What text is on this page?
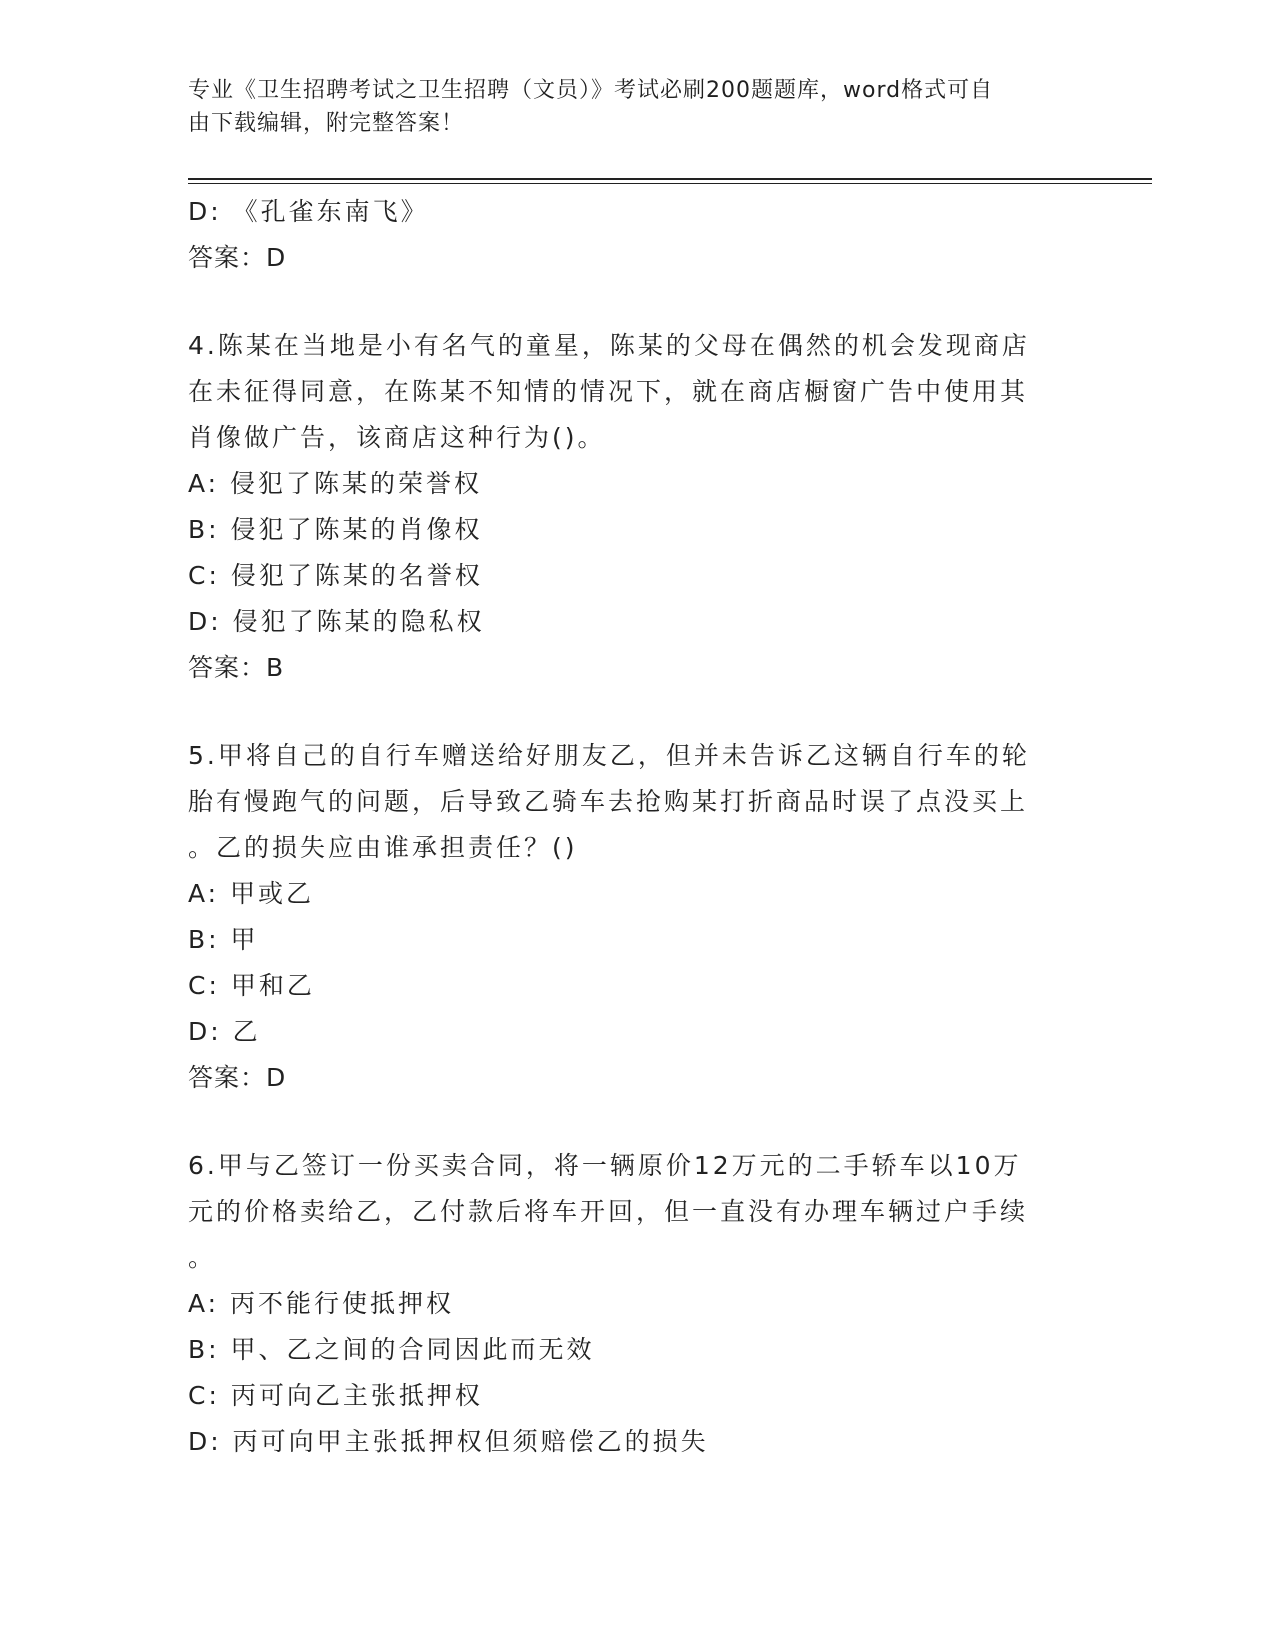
专业《卫生招聘考试之卫生招聘（文员）》考试必刷200题题库，word格式可自
由下载编辑，附完整答案！
D: 《孔雀东南飞》
答案：D
4.陈某在当地是小有名气的童星，陈某的父母在偶然的机会发现商店
在未征得同意，在陈某不知情的情况下，就在商店橱窗广告中使用其
肖像做广告，该商店这种行为()。
A: 侵犯了陈某的荣誉权
B: 侵犯了陈某的肖像权
C: 侵犯了陈某的名誉权
D: 侵犯了陈某的隐私权
答案：B
5.甲将自己的自行车赠送给好朋友乙，但并未告诉乙这辆自行车的轮
胎有慢跑气的问题，后导致乙骑车去抢购某打折商品时误了点没买上
。乙的损失应由谁承担责任？()
A: 甲或乙
B: 甲
C: 甲和乙
D: 乙
答案：D
6.甲与乙签订一份买卖合同，将一辆原价12万元的二手轿车以10万
元的价格卖给乙，乙付款后将车开回，但一直没有办理车辆过户手续
。
A: 丙不能行使抵押权
B: 甲、乙之间的合同因此而无效
C: 丙可向乙主张抵押权
D: 丙可向甲主张抵押权但须赔偿乙的损失
